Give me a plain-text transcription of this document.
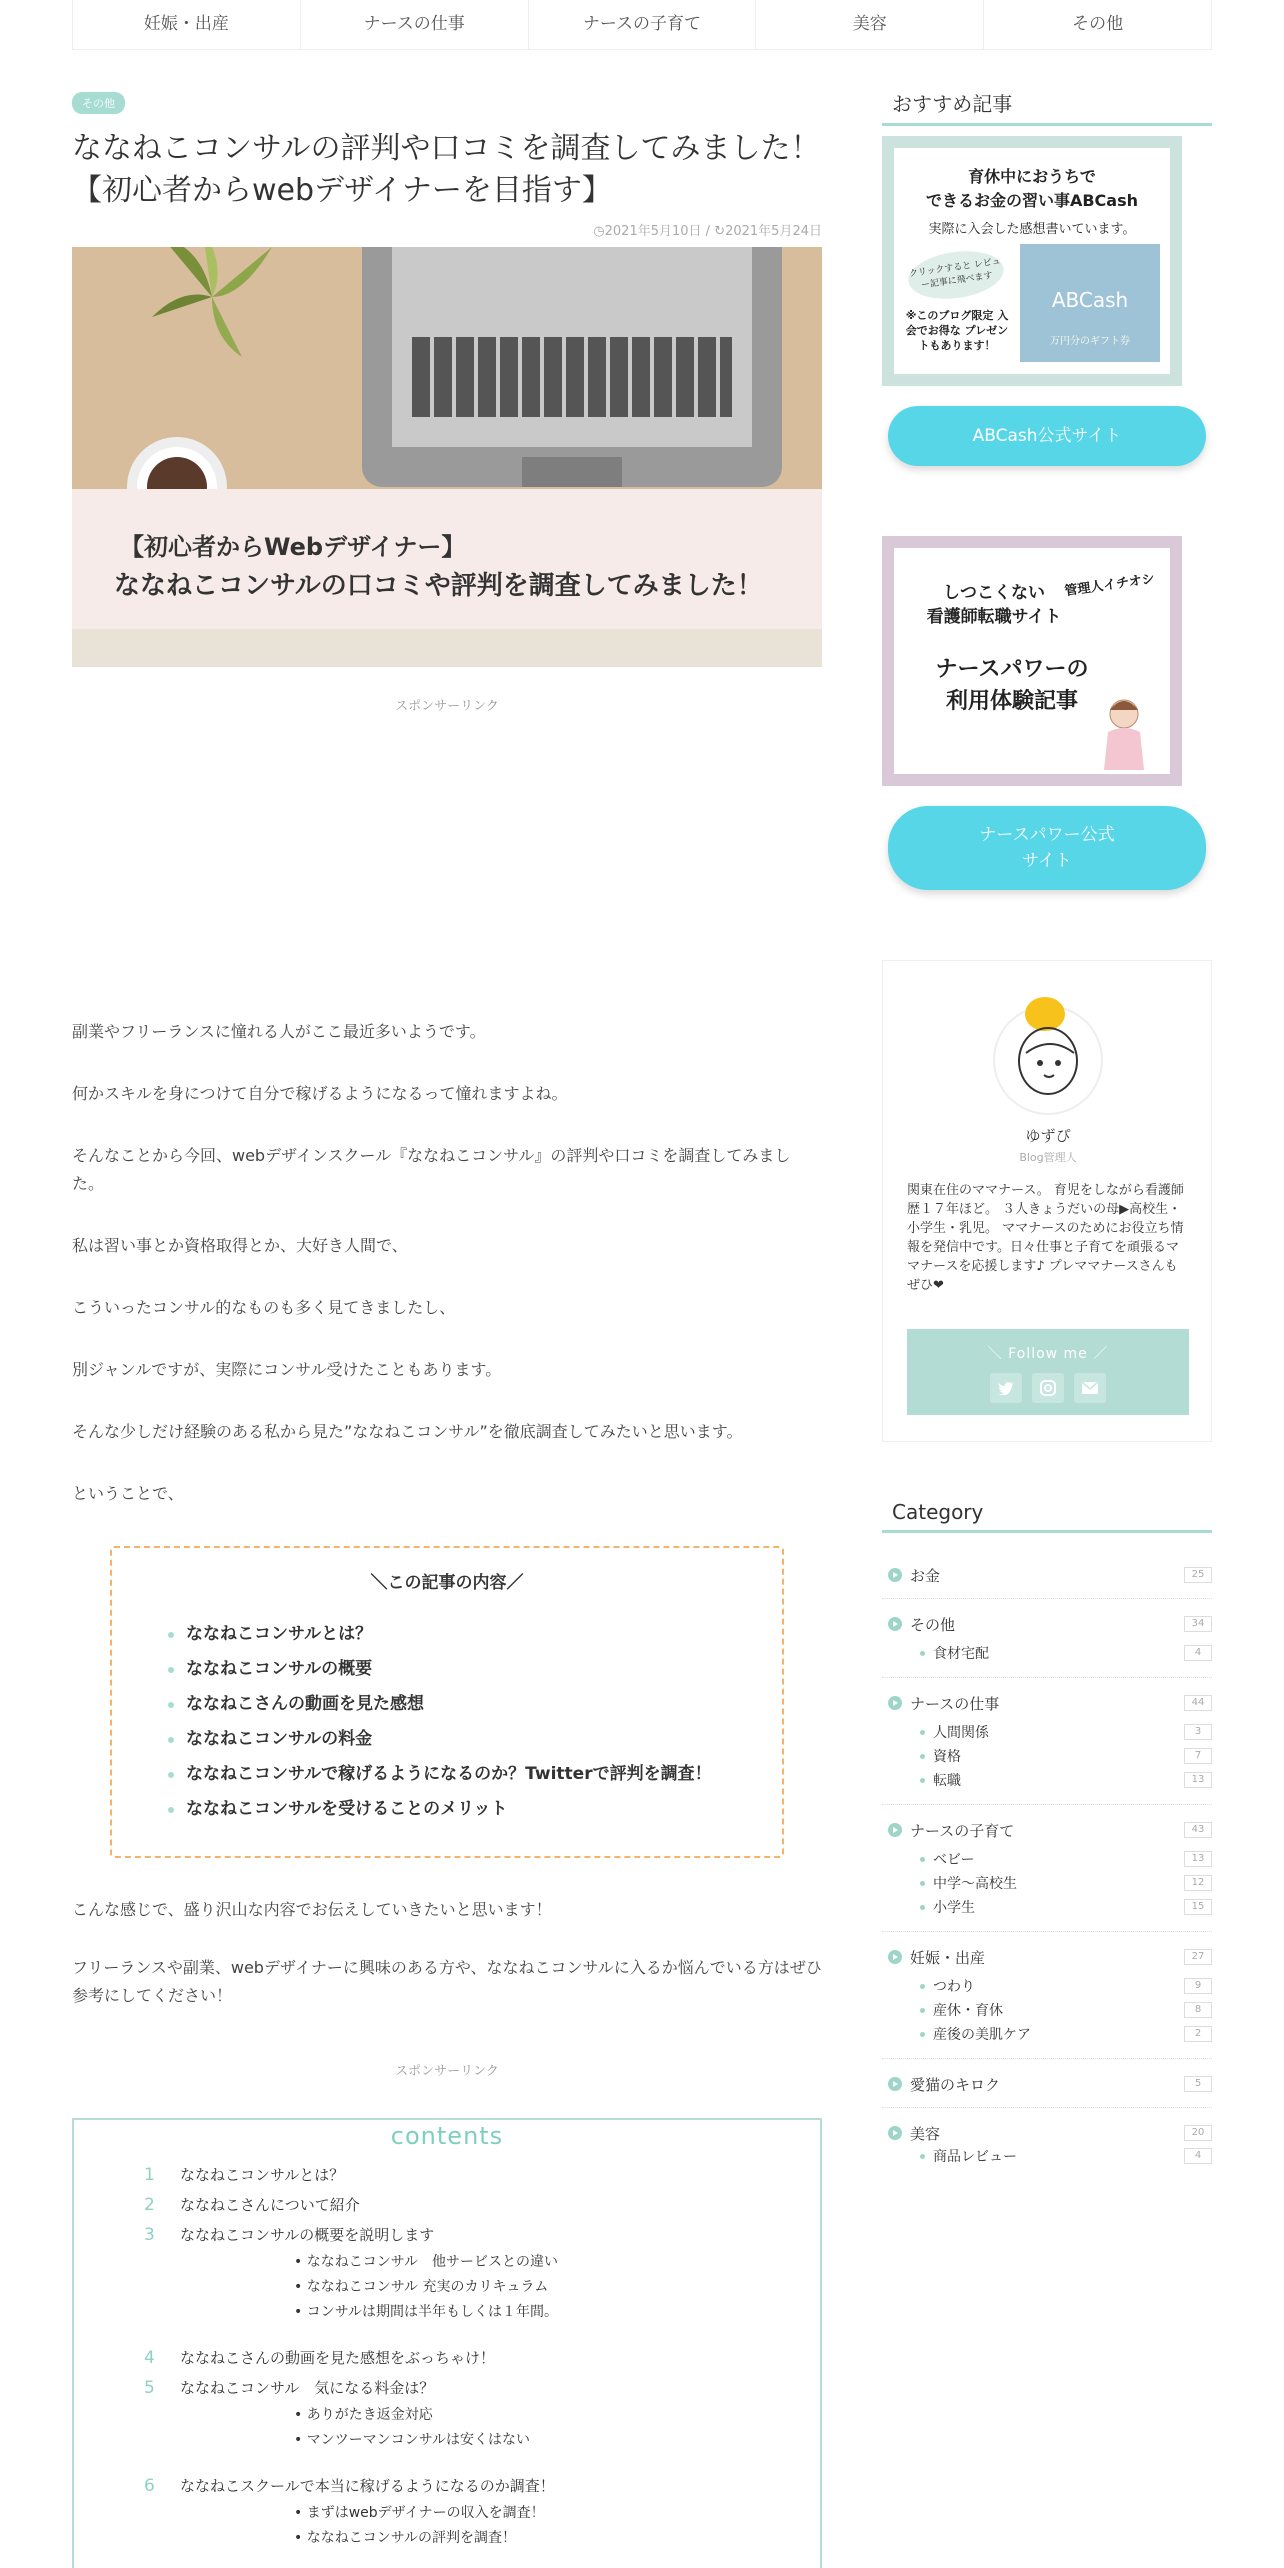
妊娠・出産	ナースの仕事	ナースの子育て	美容	その他
その他
ななねこコンサルの評判や口コミを調査してみました！【初心者からwebデザイナーを目指す】
◷2021年5月10日 / ↻2021年5月24日
【初心者からWebデザイナー】
ななねこコンサルの口コミや評判を調査してみました！
スポンサーリンク

副業やフリーランスに憧れる人がここ最近多いようです。

何かスキルを身につけて自分で稼げるようになるって憧れますよね。

そんなことから今回、webデザインスクール『ななねこコンサル』の評判や口コミを調査してみました。

私は習い事とか資格取得とか、大好き人間で、

こういったコンサル的なものも多く見てきましたし、

別ジャンルですが、実際にコンサル受けたこともあります。

そんな少しだけ経験のある私から見た”ななねこコンサル”を徹底調査してみたいと思います。

ということで、

＼この記事の内容／
ななねこコンサルとは？
ななねこコンサルの概要
ななねこさんの動画を見た感想
ななねこコンサルの料金
ななねこコンサルで稼げるようになるのか？Twitterで評判を調査！
ななねこコンサルを受けることのメリット

こんな感じで、盛り沢山な内容でお伝えしていきたいと思います！

フリーランスや副業、webデザイナーに興味のある方や、ななねこコンサルに入るか悩んでいる方はぜひ参考にしてください！

スポンサーリンク
contents
1 ななねこコンサルとは？
2 ななねこさんについて紹介
3 ななねこコンサルの概要を説明します
• ななねこコンサル　他サービスとの違い
• ななねこコンサル 充実のカリキュラム
• コンサルは期間は半年もしくは１年間。
4 ななねこさんの動画を見た感想をぶっちゃけ！
5 ななねこコンサル　気になる料金は？
• ありがたき返金対応
• マンツーマンコンサルは安くはない
6 ななねこスクールで本当に稼げるようになるのか調査！
• まずはwebデザイナーの収入を調査！
• ななねこコンサルの評判を調査！
おすすめ記事
育休中におうちで
できるお金の習い事ABCash
実際に入会した感想書いています。
クリックすると レビュー記事に飛べます
※このブログ限定 入会でお得な プレゼントもあります！
ABCash
万円分のギフト券
ABCash公式サイト
しつこくない
看護師転職サイト
管理人イチオシ
ナースパワーの
利用体験記事
ナースパワー公式
サイト
ゆずぴ
Blog管理人
関東在住のママナース。 育児をしながら看護師歴１７年ほど。 ３人きょうだいの母▶高校生・小学生・乳児。 ママナースのためにお役立ち情報を発信中です。日々仕事と子育てを頑張るママナースを応援します♪ プレママナースさんもぜひ❤
＼ Follow me ／
Category
お金	25
その他	34
食材宅配	4
ナースの仕事	44
人間関係	3
資格	7
転職	13
ナースの子育て	43
ベビー	13
中学〜高校生	12
小学生	15
妊娠・出産	27
つわり	9
産休・育休	8
産後の美肌ケア	2
愛猫のキロク	5
美容	20
商品レビュー	4
